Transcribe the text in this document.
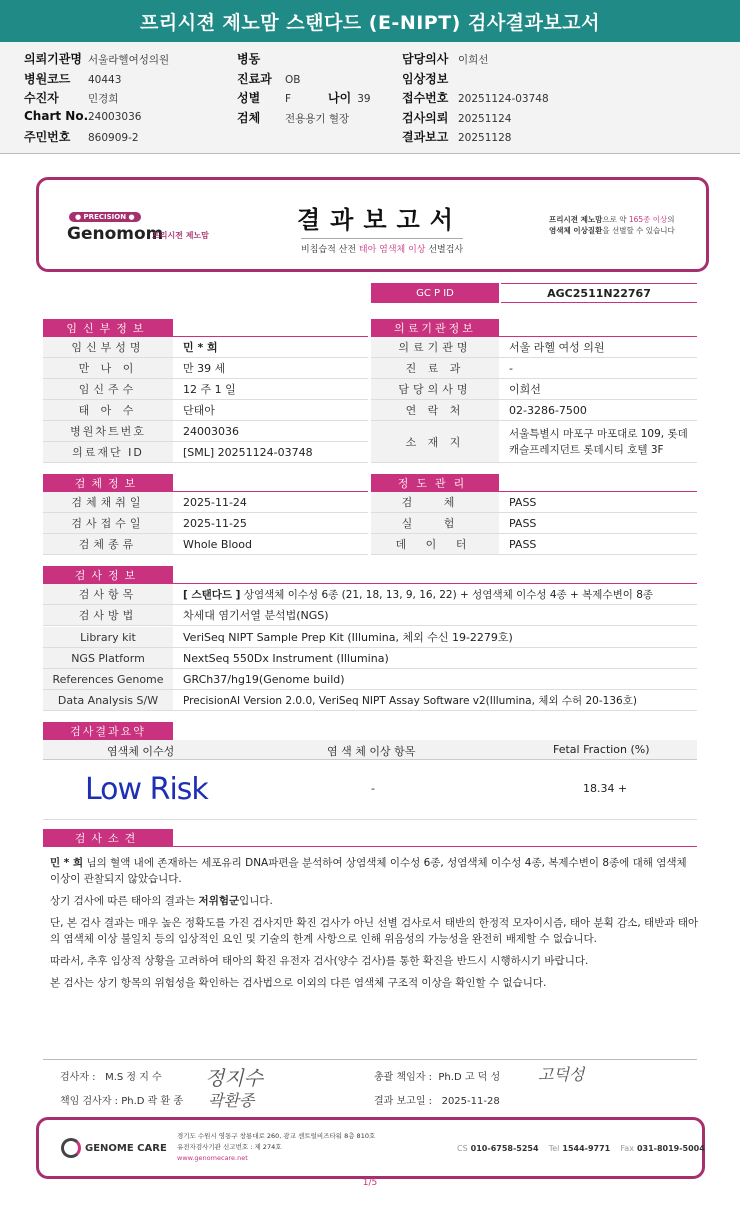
프리시젼 제노맘 스탠다드 (E-NIPT) 검사결과보고서
의뢰기관명 서울라헬여성의원
병원코드 40443
수진자	민경희
Chart No.24003036
주민번호 860909-2
병동
진료과 OB
성별 F	나이 39
검체 전용용기 혈장
담당의사 이희선
임상정보
접수번호 20251124-03748
검사의뢰 20251124
결과보고 20251128
● PRECISION ●
Genomom
프리시젼 제노맘
결과보고서
비침습적 산전 태아 염색체 이상 선별검사
프리시젼 제노맘으로 약 165종 이상의
염색체 이상질환을 선별할 수 있습니다
GC P ID	AGC2511N22767
임신부정보	의료기관정보
임신부성명	민 * 희
만 나 이	만 39 세
임신주수	12 주 1 일
태 아 수	단태아
병원차트번호	24003036
의료재단 ID	[SML] 20251124-03748
의료기관명	서울 라헬 여성 의원
진 료 과	-
담당의사명	이희선
연 락 처	02-3286-7500
소 재 지
서울특별시 마포구 마포대로 109, 롯데
캐슬프레지던트 롯데시티 호텔 3F
검체정보	정도관리
검체채취일	2025-11-24
검사접수일	2025-11-25
검체종류	Whole Blood
검 체	PASS
실 험	PASS
데 이 터	PASS
검사정보
검사항목	[ 스탠다드 ] 상염색체 이수성 6종 (21, 18, 13, 9, 16, 22) + 성염색체 이수성 4종 + 복제수변이 8종
검사방법	차세대 염기서열 분석법(NGS)
Library kit	VeriSeq NIPT Sample Prep Kit (Illumina, 체외 수신 19-2279호)
NGS Platform	NextSeq 550Dx Instrument (Illumina)
References Genome	GRCh37/hg19(Genome build)
Data Analysis S/W	PrecisionAI Version 2.0.0, VeriSeq NIPT Assay Software v2(Illumina, 체외 수허 20-136호)
검사결과요약
염색체 이수성	염 색 체 이상 항목	Fetal Fraction (%)
Low Risk	-	18.34 +
검사소견
민 * 희 님의 혈액 내에 존재하는 세포유리 DNA파편을 분석하여 상염색체 이수성 6종, 성염색체 이수성 4종, 복제수변이 8종에 대해 염색체 이상이 관찰되지 않았습니다.
상기 검사에 따른 태아의 결과는 저위험군입니다.
단, 본 검사 결과는 매우 높은 정확도를 가진 검사지만 확진 검사가 아닌 선별 검사로서 태반의 한정적 모자이시즘, 태아 분획 감소, 태반과 태아의 염색체 이상 불일치 등의 임상적인 요인 및 기술의 한계 사항으로 인해 위음성의 가능성을 완전히 배제할 수 없습니다.
따라서, 추후 임상적 상황을 고려하여 태아의 확진 유전자 검사(양수 검사)를 통한 확진을 반드시 시행하시기 바랍니다.
본 검사는 상기 항목의 위험성을 확인하는 검사법으로 이외의 다른 염색체 구조적 이상을 확인할 수 없습니다.
검사자 : M.S 정 지 수 정지수
책임 검사자 : Ph.D 곽 환 종 곽환종
총괄 책임자 : Ph.D 고 덕 성 고덕성
결과 보고일 : 2025-11-28
GENOME CARE
경기도 수원시 영통구 창룡대로 260, 광교 센트럴비즈타워 8층 810호
유전자검사기관 신고번호 : 제 274호
www.genomecare.net
CS 010-6758-5254 Tel 1544-9771 Fax 031-8019-5004
1/5
